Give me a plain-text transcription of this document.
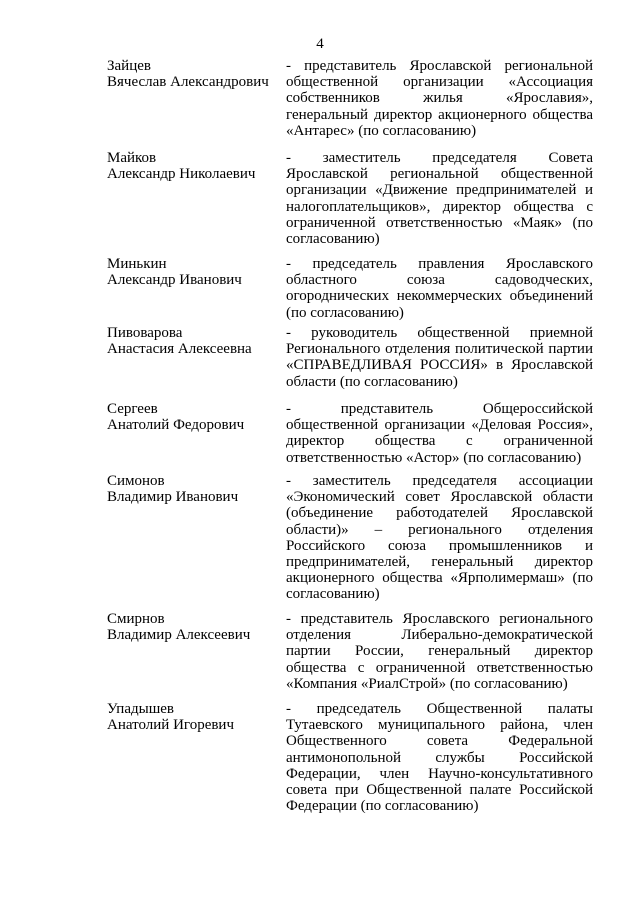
4
Зайцев
Вячеслав Александрович
- представитель Ярославской региональной общественной организации «Ассоциация собственников жилья «Ярославия», генеральный директор акционерного общества «Антарес» (по согласованию)
Майков
Александр Николаевич
- заместитель председателя Совета Ярославской региональной общественной организации «Движение предпринимателей и налогоплательщиков», директор общества с ограниченной ответственностью «Маяк» (по согласованию)
Минькин
Александр Иванович
- председатель правления Ярославского областного союза садоводческих, огороднических некоммерческих объединений (по согласованию)
Пивоварова
Анастасия Алексеевна
- руководитель общественной приемной Регионального отделения политической партии «СПРАВЕДЛИВАЯ РОССИЯ» в Ярославской области (по согласованию)
Сергеев
Анатолий Федорович
- представитель Общероссийской общественной организации «Деловая Россия», директор общества с ограниченной ответственностью «Астор» (по согласованию)
Симонов
Владимир Иванович
- заместитель председателя ассоциации «Экономический совет Ярославской области (объединение работодателей Ярославской области)» – регионального отделения Российского союза промышленников и предпринимателей, генеральный директор акционерного общества «Ярполимермаш» (по согласованию)
Смирнов
Владимир Алексеевич
- представитель Ярославского регионального отделения Либерально-демократической партии России, генеральный директор общества с ограниченной ответственностью «Компания «РиалСтрой» (по согласованию)
Упадышев
Анатолий Игоревич
- председатель Общественной палаты Тутаевского муниципального района, член Общественного совета Федеральной антимонопольной службы Российской Федерации, член Научно-консультативного совета при Общественной палате Российской Федерации (по согласованию)
